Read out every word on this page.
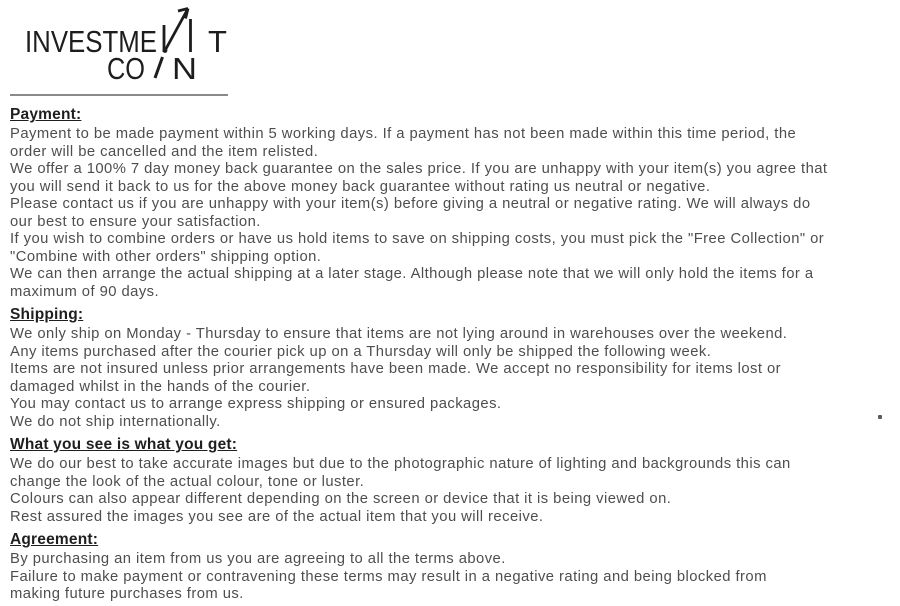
INVESTME T
CO N
Payment:
Payment to be made payment within 5 working days. If a payment has not been made within this time period, the
order will be cancelled and the item relisted.
We offer a 100% 7 day money back guarantee on the sales price. If you are unhappy with your item(s) you agree that
you will send it back to us for the above money back guarantee without rating us neutral or negative.
Please contact us if you are unhappy with your item(s) before giving a neutral or negative rating. We will always do
our best to ensure your satisfaction.
If you wish to combine orders or have us hold items to save on shipping costs, you must pick the "Free Collection" or
"Combine with other orders" shipping option.
We can then arrange the actual shipping at a later stage. Although please note that we will only hold the items for a
maximum of 90 days.
Shipping:
We only ship on Monday - Thursday to ensure that items are not lying around in warehouses over the weekend.
Any items purchased after the courier pick up on a Thursday will only be shipped the following week.
Items are not insured unless prior arrangements have been made. We accept no responsibility for items lost or
damaged whilst in the hands of the courier.
You may contact us to arrange express shipping or ensured packages.
We do not ship internationally.
What you see is what you get:
We do our best to take accurate images but due to the photographic nature of lighting and backgrounds this can
change the look of the actual colour, tone or luster.
Colours can also appear different depending on the screen or device that it is being viewed on.
Rest assured the images you see are of the actual item that you will receive.
Agreement:
By purchasing an item from us you are agreeing to all the terms above.
Failure to make payment or contravening these terms may result in a negative rating and being blocked from
making future purchases from us.
